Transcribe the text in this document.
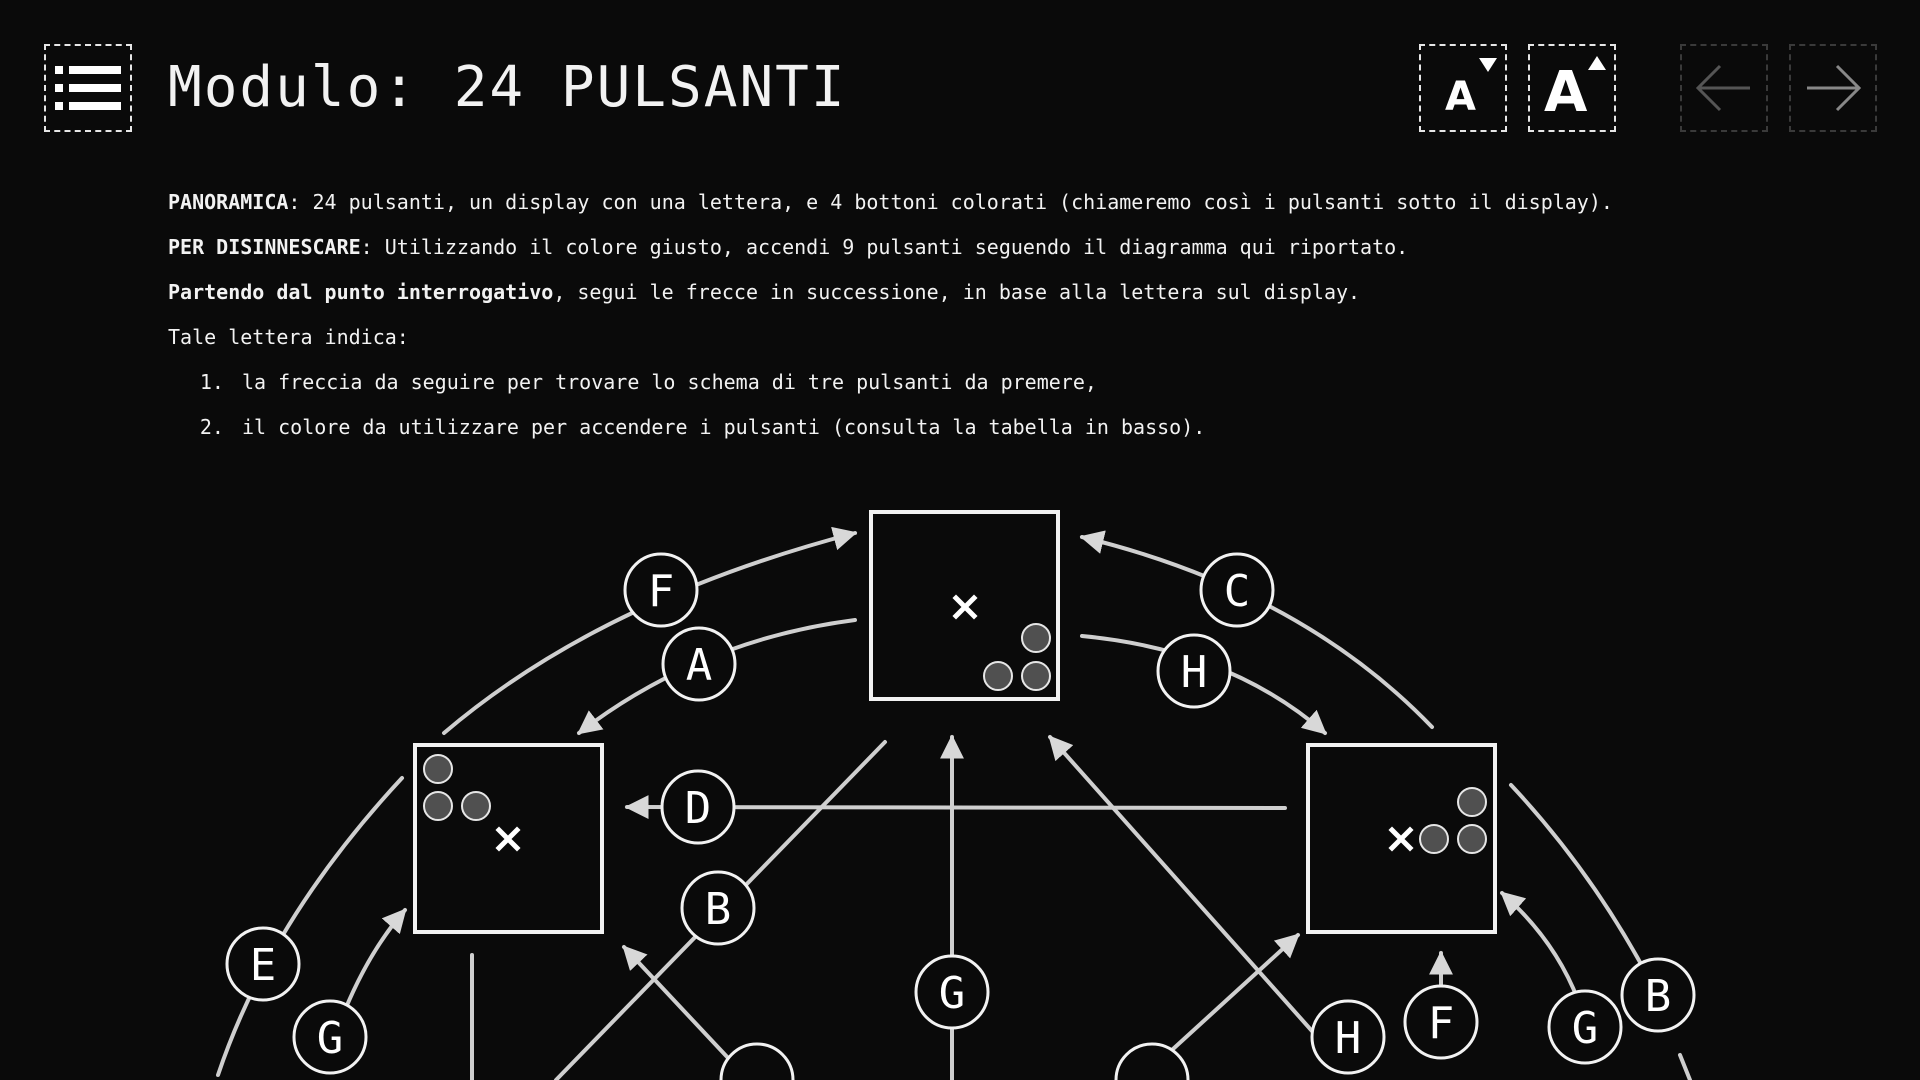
Modulo: 24 PULSANTI	A A

PANORAMICA: 24 pulsanti, un display con una lettera, e 4 bottoni colorati (chiameremo così i pulsanti sotto il display).

PER DISINNESCARE: Utilizzando il colore giusto, accendi 9 pulsanti seguendo il diagramma qui riportato.

Partendo dal punto interrogativo, segui le frecce in successione, in base alla lettera sul display.

Tale lettera indica:

1. la freccia da seguire per trovare lo schema di tre pulsanti da premere,
2. il colore da utilizzare per accendere i pulsanti (consulta la tabella in basso).
F
A
C
H
D
B
G
E
G	H F	G
B
